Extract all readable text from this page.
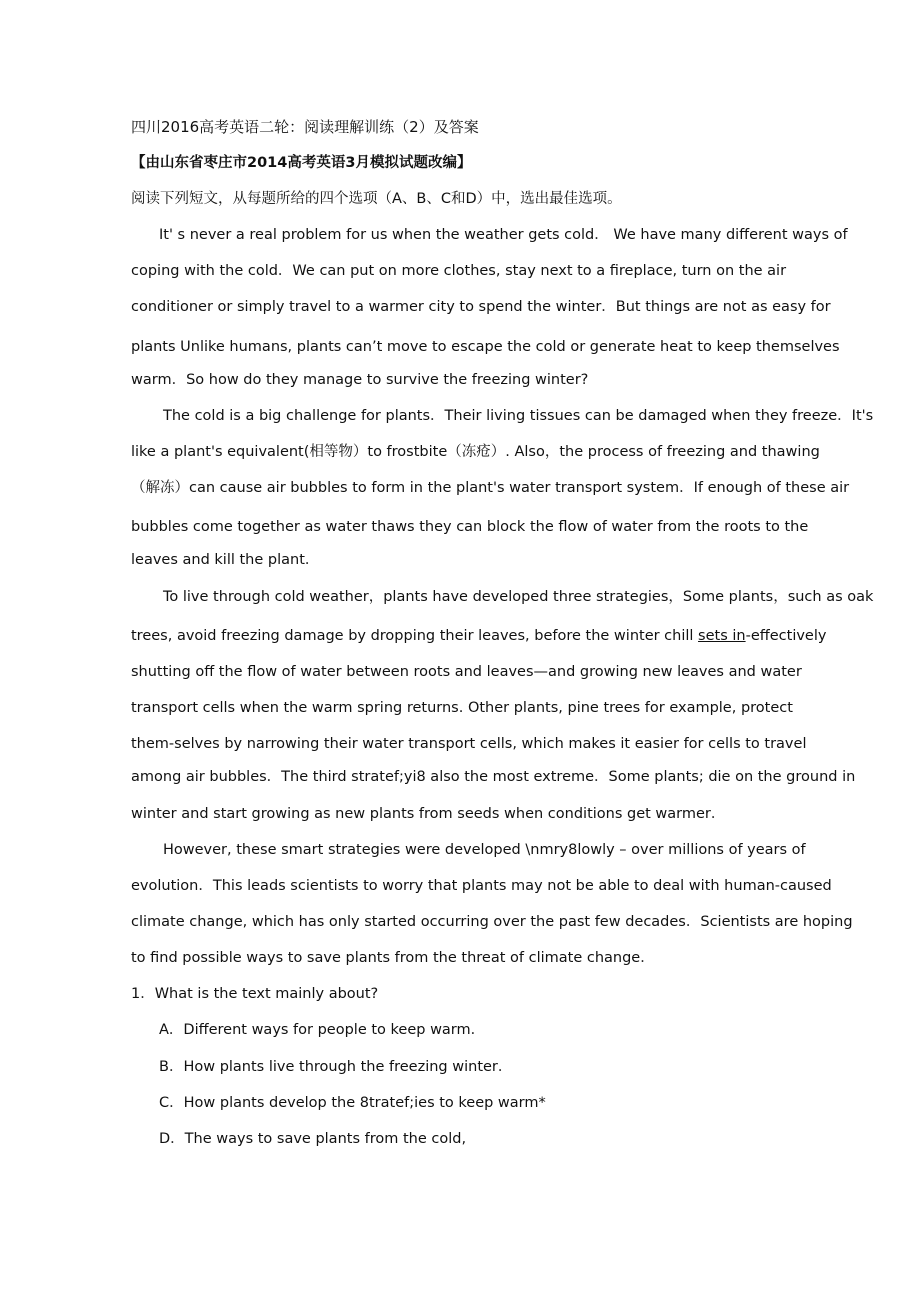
四川2016高考英语二轮：阅读理解训练（2）及答案
【由山东省枣庄市2014高考英语3月模拟试题改编】
阅读下列短文，从每题所给的四个选项（A、B、C和D）中，选出最佳选项。
It' s never a real problem for us when the weather gets cold． We have many different ways of
coping with the cold．We can put on more clothes, stay next to a fireplace, turn on the air
conditioner or simply travel to a warmer city to spend the winter．But things are not as easy for
plants Unlike humans, plants can’t move to escape the cold or generate heat to keep themselves
warm．So how do they manage to survive the freezing winter?
The cold is a big challenge for plants．Their living tissues can be damaged when they freeze．It's
like a plant's equivalent(相等物）to frostbite（冻疮）. Also，the process of freezing and thawing
（解冻）can cause air bubbles to form in the plant's water transport system．If enough of these air
bubbles come together as water thaws they can block the flow of water from the roots to the
leaves and kill the plant．
To live through cold weather，plants have developed three strategies，Some plants，such as oak
trees, avoid freezing damage by dropping their leaves, before the winter chill sets in-effectively
shutting off the flow of water between roots and leaves—and growing new leaves and water
transport cells when the warm spring returns. Other plants, pine trees for example, protect
them-selves by narrowing their water transport cells, which makes it easier for cells to travel
among air bubbles．The third stratef;yi8 also the most extreme．Some plants; die on the ground in
winter and start growing as new plants from seeds when conditions get warmer．
However, these smart strategies were developed \nmry8lowly – over millions of years of
evolution．This leads scientists to worry that plants may not be able to deal with human-caused
climate change, which has only started occurring over the past few decades．Scientists are hoping
to find possible ways to save plants from the threat of climate change．
1．What is the text mainly about?
A．Different ways for people to keep warm．
B．How plants live through the freezing winter．
C．How plants develop the 8tratef;ies to keep warm*
D．The ways to save plants from the cold,
